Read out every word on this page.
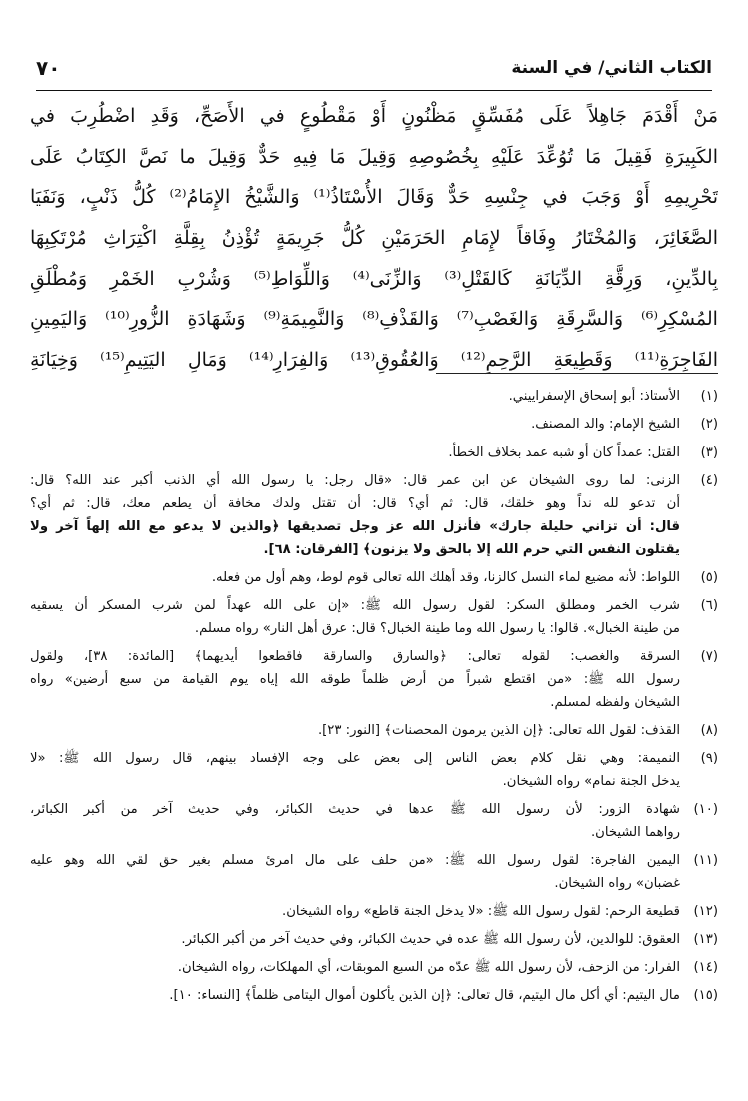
الكتاب الثاني/ في السنة
٧٠
مَنْ أَقْدَمَ جَاهِلاً عَلَى مُفَسِّقٍ مَظْنُونٍ أَوْ مَقْطُوعٍ في الأَصَحِّ، وَقَدِ اضْطُرِبَ في
الكَبِيرَةِ فَقِيلَ مَا تُوُعِّدَ عَلَيْهِ بِخُصُوصِهِ وَقِيلَ مَا فِيهِ حَدٌّ وَقِيلَ ما نَصَّ الكِتَابُ عَلَى
تَحْرِيمِهِ أَوْ وَجَبَ في جِنْسِهِ حَدٌّ وَقَالَ الأُسْتَاذُ⁽¹⁾ وَالشَّيْخُ الإِمَامُ⁽²⁾ كُلُّ ذَنْبٍ، وَنَفَيَا
الصَّغَائِرَ، وَالمُخْتَارُ وِفَاقاً لإِمَامِ الحَرَمَيْنِ كُلُّ جَرِيمَةٍ تُؤْذِنُ بِقِلَّةِ اكْتِرَاثِ مُرْتَكِبِهَا
بِالدِّينِ، وَرِقَّةِ الدِّيَانَةِ كَالقَتْلِ⁽³⁾ وَالزِّنَى⁽⁴⁾ وَاللِّوَاطِ⁽⁵⁾ وَشُرْبِ الخَمْرِ وَمُطْلَقِ
المُسْكِرِ⁽⁶⁾ وَالسَّرِقَةِ وَالغَصْبِ⁽⁷⁾ وَالقَذْفِ⁽⁸⁾ وَالنَّمِيمَةِ⁽⁹⁾ وَشَهَادَةِ الزُّورِ⁽¹⁰⁾ وَاليَمِينِ
الفَاجِرَةِ⁽¹¹⁾ وَقَطِيعَةِ الرَّحِمِ⁽¹²⁾ وَالعُقُوقِ⁽¹³⁾ وَالفِرَارِ⁽¹⁴⁾ وَمَالِ اليَتِيمِ⁽¹⁵⁾ وَخِيَانَةِ
(١)
الأستاذ: أبو إسحاق الإسفراييني.
(٢)
الشيخ الإمام: والد المصنف.
(٣)
القتل: عمداً كان أو شبه عمد بخلاف الخطأ.
(٤)
الزنى: لما روى الشيخان عن ابن عمر قال: «قال رجل: يا رسول الله أي الذنب أكبر عند الله؟ قال:
أن تدعو لله نداً وهو خلقك، قال: ثم أي؟ قال: أن تقتل ولدك مخافة أن يطعم معك، قال: ثم أي؟
قال: أن تزاني حليلة جارك» فأنزل الله عز وجل تصديقها ﴿والذين لا يدعو مع الله إلهاً آخر ولا
يقتلون النفس التي حرم الله إلا بالحق ولا يزنون﴾ [الفرقان: ٦٨].
(٥)
اللواط: لأنه مضيع لماء النسل كالزنا، وقد أهلك الله تعالى قوم لوط، وهم أول من فعله.
(٦)
شرب الخمر ومطلق السكر: لقول رسول الله ﷺ: «إن على الله عهداً لمن شرب المسكر أن يسقيه
من طينة الخبال». قالوا: يا رسول الله وما طينة الخبال؟ قال: عرق أهل النار» رواه مسلم.
(٧)
السرقة والغصب: لقوله تعالى: ﴿والسارق والسارقة فاقطعوا أيديهما﴾ [المائدة: ٣٨]، ولقول
رسول الله ﷺ: «من اقتطع شبراً من أرض ظلماً طوقه الله إياه يوم القيامة من سبع أرضين» رواه
الشيخان ولفظه لمسلم.
(٨)
القذف: لقول الله تعالى: ﴿إن الذين يرمون المحصنات﴾ [النور: ٢٣].
(٩)
النميمة: وهي نقل كلام بعض الناس إلى بعض على وجه الإفساد بينهم، قال رسول الله ﷺ: «لا
يدخل الجنة نمام» رواه الشيخان.
(١٠)
شهادة الزور: لأن رسول الله ﷺ عدها في حديث الكبائر، وفي حديث آخر من أكبر الكبائر،
رواهما الشيخان.
(١١)
اليمين الفاجرة: لقول رسول الله ﷺ: «من حلف على مال امرئ مسلم بغير حق لقي الله وهو عليه
غضبان» رواه الشيخان.
(١٢)
قطيعة الرحم: لقول رسول الله ﷺ: «لا يدخل الجنة قاطع» رواه الشيخان.
(١٣)
العقوق: للوالدين، لأن رسول الله ﷺ عده في حديث الكبائر، وفي حديث آخر من أكبر الكبائر.
(١٤)
الفرار: من الزحف، لأن رسول الله ﷺ عدّه من السبع الموبقات، أي المهلكات، رواه الشيخان.
(١٥)
مال اليتيم: أي أكل مال اليتيم، قال تعالى: ﴿إن الذين يأكلون أموال اليتامى ظلماً﴾ [النساء: ١٠].
